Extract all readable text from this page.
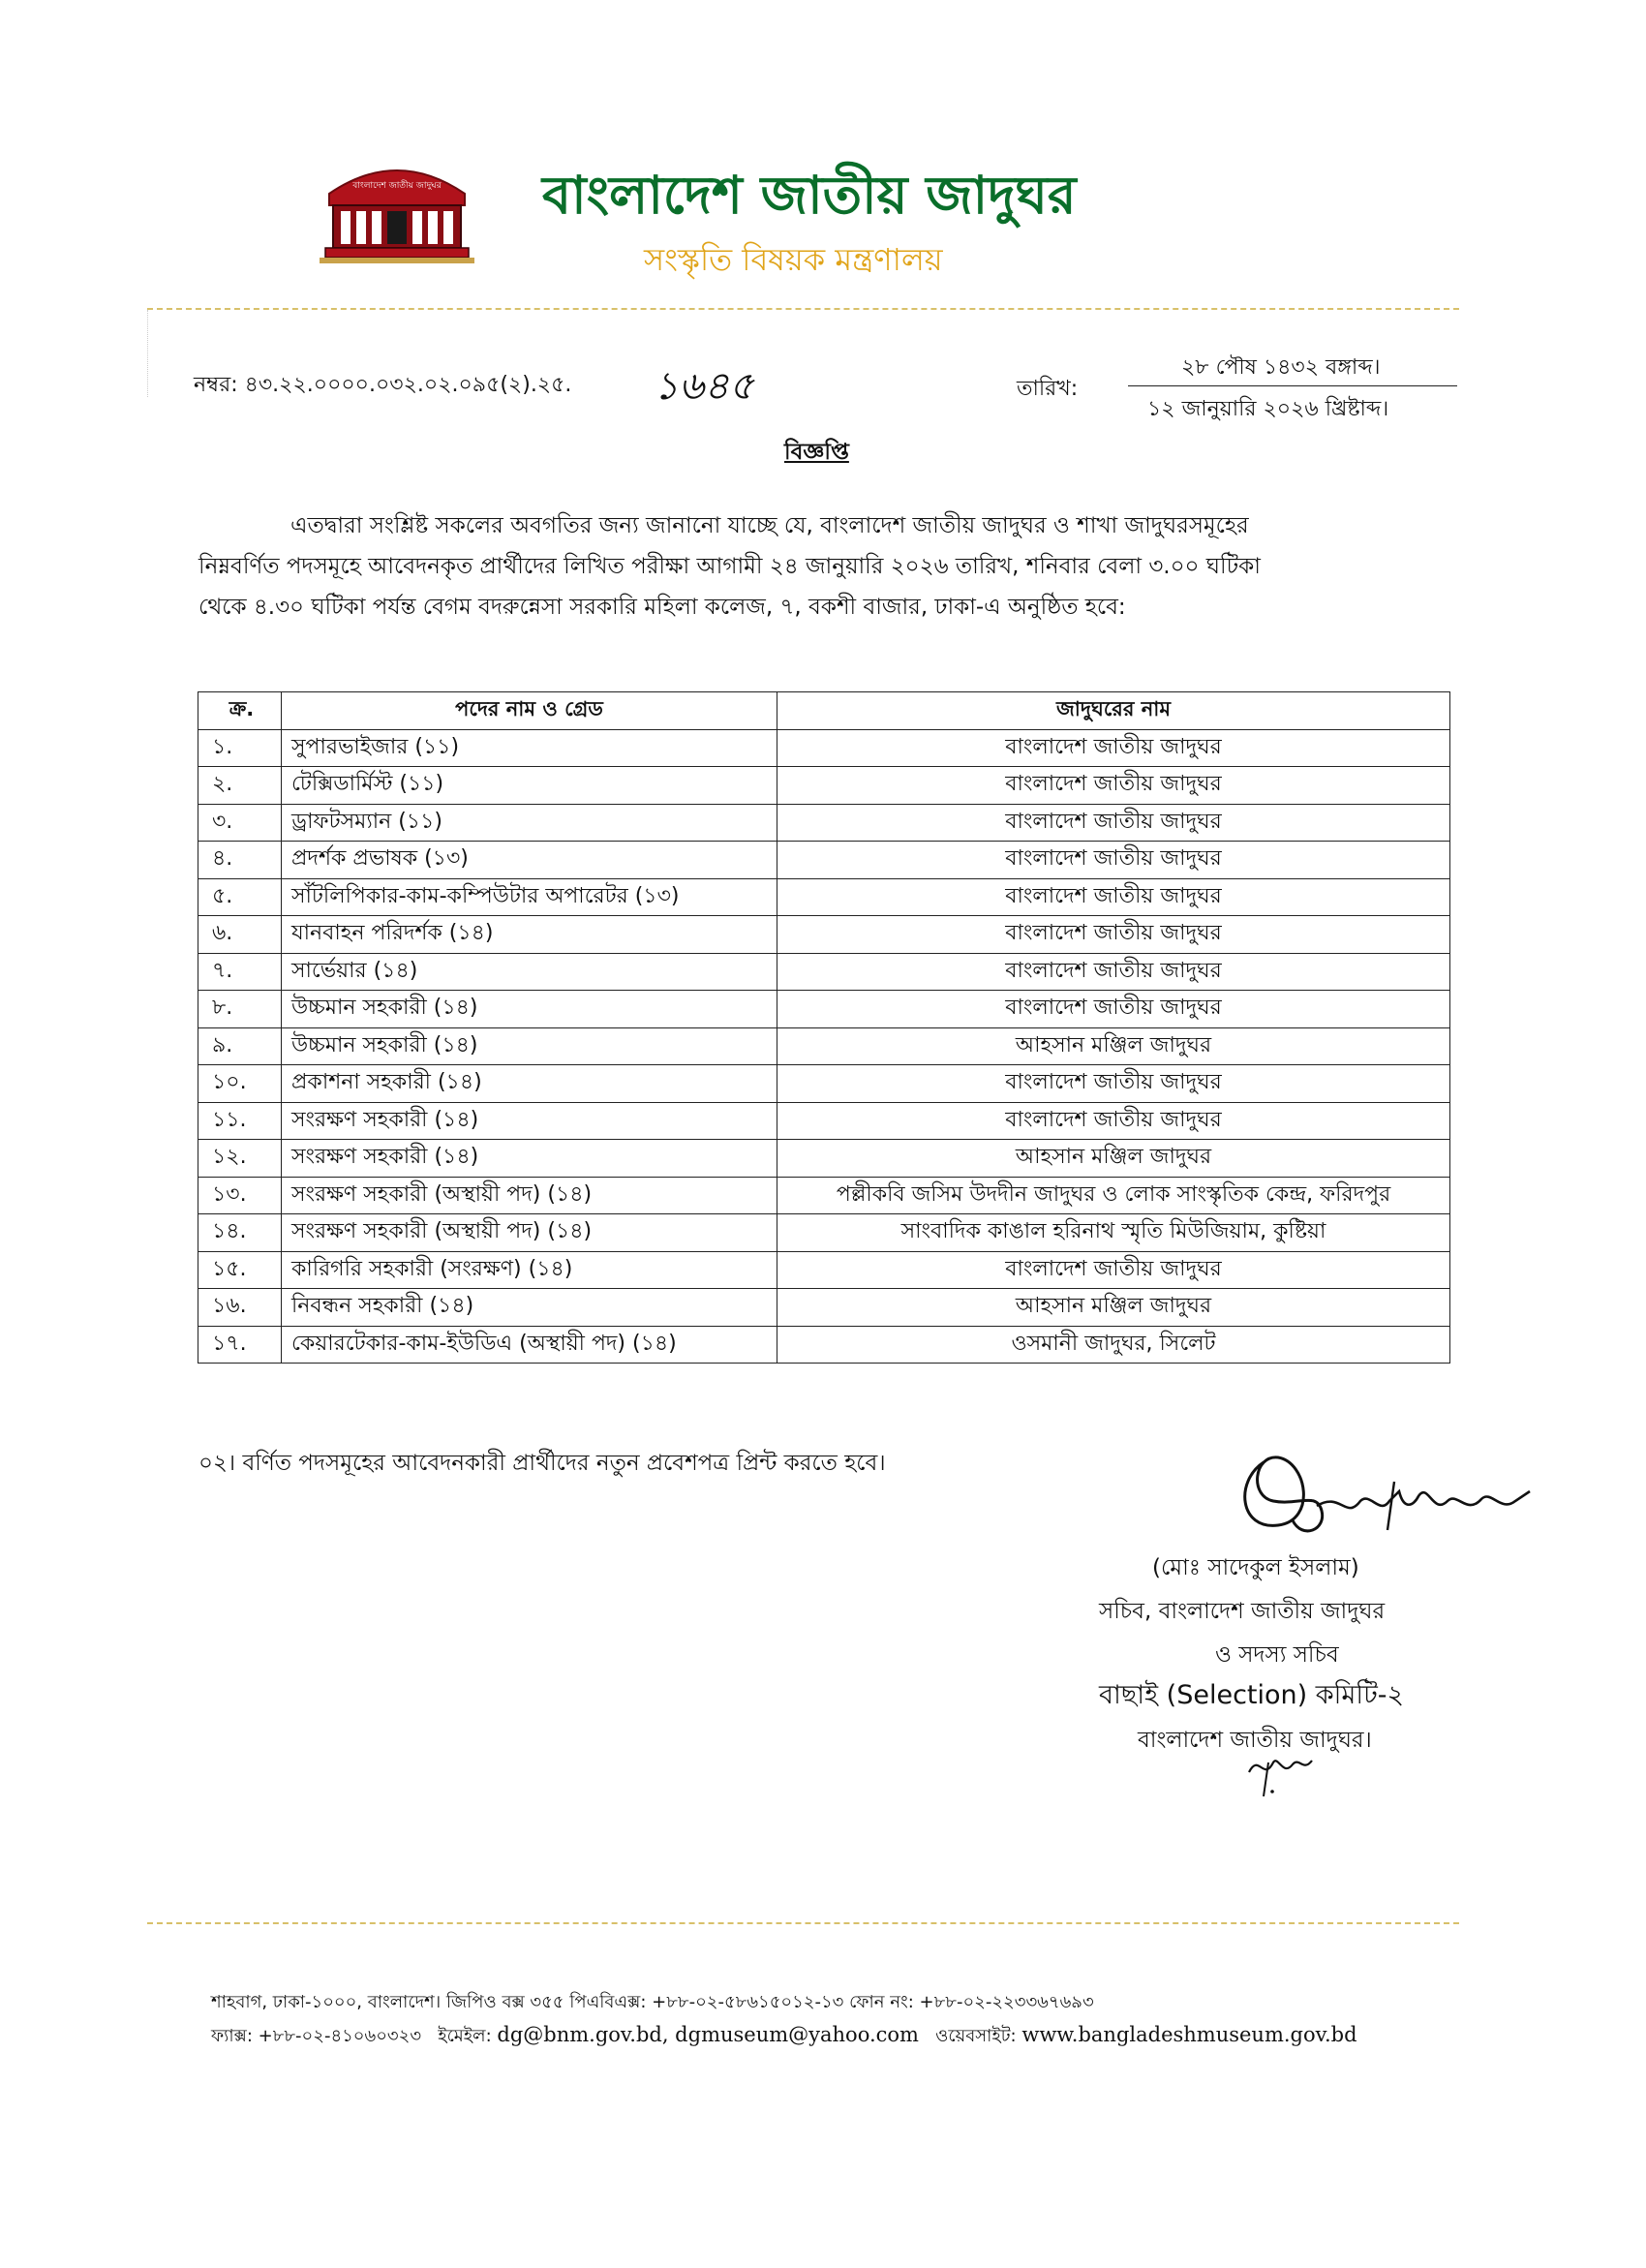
বাংলাদেশ জাতীয় জাদুঘর বাংলাদেশ জাতীয় জাদুঘর
সংস্কৃতি বিষয়ক মন্ত্রণালয়
নম্বর: ৪৩.২২.০০০০.০৩২.০২.০৯৫(২).২৫. ১৬৪৫	তারিখ:
২৮ পৌষ ১৪৩২ বঙ্গাব্দ।
১২ জানুয়ারি ২০২৬ খ্রিষ্টাব্দ।
বিজ্ঞপ্তি
এতদ্বারা সংশ্লিষ্ট সকলের অবগতির জন্য জানানো যাচ্ছে যে, বাংলাদেশ জাতীয় জাদুঘর ও শাখা জাদুঘরসমূহের
নিম্নবর্ণিত পদসমূহে আবেদনকৃত প্রার্থীদের লিখিত পরীক্ষা আগামী ২৪ জানুয়ারি ২০২৬ তারিখ, শনিবার বেলা ৩.০০ ঘটিকা
থেকে ৪.৩০ ঘটিকা পর্যন্ত বেগম বদরুন্নেসা সরকারি মহিলা কলেজ, ৭, বকশী বাজার, ঢাকা-এ অনুষ্ঠিত হবে:
ক্র.	পদের নাম ও গ্রেড	জাদুঘরের নাম
১.	সুপারভাইজার (১১)	বাংলাদেশ জাতীয় জাদুঘর
২.	টেক্সিডার্মিস্ট (১১)	বাংলাদেশ জাতীয় জাদুঘর
৩.	ড্রাফটসম্যান (১১)	বাংলাদেশ জাতীয় জাদুঘর
৪.	প্রদর্শক প্রভাষক (১৩)	বাংলাদেশ জাতীয় জাদুঘর
৫.	সাঁটলিপিকার-কাম-কম্পিউটার অপারেটর (১৩)	বাংলাদেশ জাতীয় জাদুঘর
৬.	যানবাহন পরিদর্শক (১৪)	বাংলাদেশ জাতীয় জাদুঘর
৭.	সার্ভেয়ার (১৪)	বাংলাদেশ জাতীয় জাদুঘর
৮.	উচ্চমান সহকারী (১৪)	বাংলাদেশ জাতীয় জাদুঘর
৯.	উচ্চমান সহকারী (১৪)	আহসান মঞ্জিল জাদুঘর
১০.	প্রকাশনা সহকারী (১৪)	বাংলাদেশ জাতীয় জাদুঘর
১১.	সংরক্ষণ সহকারী (১৪)	বাংলাদেশ জাতীয় জাদুঘর
১২.	সংরক্ষণ সহকারী (১৪)	আহসান মঞ্জিল জাদুঘর
১৩.	সংরক্ষণ সহকারী (অস্থায়ী পদ) (১৪)	পল্লীকবি জসিম উদদীন জাদুঘর ও লোক সাংস্কৃতিক কেন্দ্র, ফরিদপুর
১৪.	সংরক্ষণ সহকারী (অস্থায়ী পদ) (১৪)	সাংবাদিক কাঙাল হরিনাথ স্মৃতি মিউজিয়াম, কুষ্টিয়া
১৫.	কারিগরি সহকারী (সংরক্ষণ) (১৪)	বাংলাদেশ জাতীয় জাদুঘর
১৬.	নিবন্ধন সহকারী (১৪)	আহসান মঞ্জিল জাদুঘর
১৭.	কেয়ারটেকার-কাম-ইউডিএ (অস্থায়ী পদ) (১৪)	ওসমানী জাদুঘর, সিলেট
০২। বর্ণিত পদসমূহের আবেদনকারী প্রার্থীদের নতুন প্রবেশপত্র প্রিন্ট করতে হবে।
(মোঃ সাদেকুল ইসলাম)
সচিব, বাংলাদেশ জাতীয় জাদুঘর
ও সদস্য সচিব
বাছাই (Selection) কমিটি-২
বাংলাদেশ জাতীয় জাদুঘর।
শাহবাগ, ঢাকা-১০০০, বাংলাদেশ। জিপিও বক্স ৩৫৫ পিএবিএক্স: +৮৮-০২-৫৮৬১৫০১২-১৩ ফোন নং: +৮৮-০২-২২৩৩৬৭৬৯৩
ফ্যাক্স: +৮৮-০২-৪১০৬০৩২৩ ইমেইল: dg@bnm.gov.bd, dgmuseum@yahoo.com ওয়েবসাইট: www.bangladeshmuseum.gov.bd
